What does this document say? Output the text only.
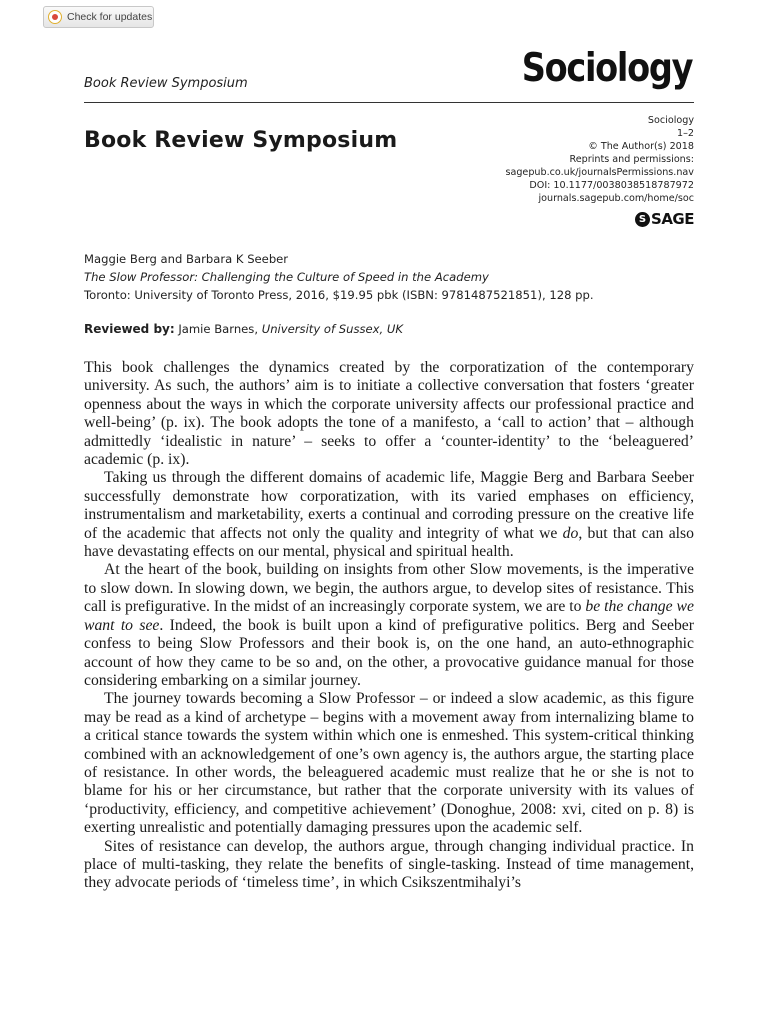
Check for updates
Book Review Symposium	Sociology
Book Review Symposium
Sociology
1–2
© The Author(s) 2018
Reprints and permissions:
sagepub.co.uk/journalsPermissions.nav
DOI: 10.1177/0038038518787972
journals.sagepub.com/home/soc
S SAGE
Maggie Berg and Barbara K Seeber
The Slow Professor: Challenging the Culture of Speed in the Academy
Toronto: University of Toronto Press, 2016, $19.95 pbk (ISBN: 9781487521851), 128 pp.
Reviewed by: Jamie Barnes, University of Sussex, UK

This book challenges the dynamics created by the corporatization of the contemporary university. As such, the authors’ aim is to initiate a collective conversation that fosters ‘greater openness about the ways in which the corporate university affects our professional practice and well-being’ (p. ix). The book adopts the tone of a manifesto, a ‘call to action’ that – although admittedly ‘idealistic in nature’ – seeks to offer a ‘counter-identity’ to the ‘beleaguered’ academic (p. ix).

Taking us through the different domains of academic life, Maggie Berg and Barbara Seeber successfully demonstrate how corporatization, with its varied emphases on efficiency, instrumentalism and marketability, exerts a continual and corroding pressure on the creative life of the academic that affects not only the quality and integrity of what we do, but that can also have devastating effects on our mental, physical and spiritual health.

At the heart of the book, building on insights from other Slow movements, is the imperative to slow down. In slowing down, we begin, the authors argue, to develop sites of resistance. This call is prefigurative. In the midst of an increasingly corporate system, we are to be the change we want to see. Indeed, the book is built upon a kind of prefigurative politics. Berg and Seeber confess to being Slow Professors and their book is, on the one hand, an auto-ethnographic account of how they came to be so and, on the other, a provocative guidance manual for those considering embarking on a similar journey.

The journey towards becoming a Slow Professor – or indeed a slow academic, as this figure may be read as a kind of archetype – begins with a movement away from internalizing blame to a critical stance towards the system within which one is enmeshed. This system-critical thinking combined with an acknowledgement of one’s own agency is, the authors argue, the starting place of resistance. In other words, the beleaguered academic must realize that he or she is not to blame for his or her circumstance, but rather that the corporate university with its values of ‘productivity, efficiency, and competitive achievement’ (Donoghue, 2008: xvi, cited on p. 8) is exerting unrealistic and potentially damaging pressures upon the academic self.

Sites of resistance can develop, the authors argue, through changing individual practice. In place of multi-tasking, they relate the benefits of single-tasking. Instead of time management, they advocate periods of ‘timeless time’, in which Csikszentmihalyi’s
